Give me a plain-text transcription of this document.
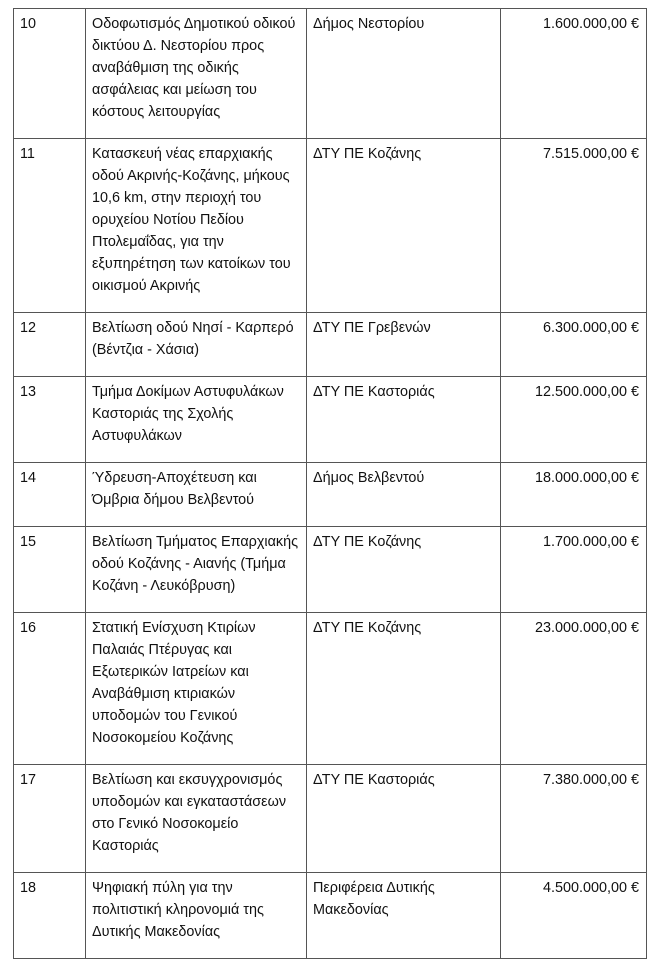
10	Οδοφωτισμός Δημοτικού οδικού δικτύου Δ. Νεστορίου προς αναβάθμιση της οδικής ασφάλειας και μείωση του κόστους λειτουργίας	Δήμος Νεστορίου	1.600.000,00 €
11	Κατασκευή νέας επαρχιακής οδού Ακρινής-Κοζάνης, μήκους 10,6 km, στην περιοχή του ορυχείου Νοτίου Πεδίου Πτολεμαΐδας, για την εξυπηρέτηση των κατοίκων του οικισμού Ακρινής	ΔΤΥ ΠΕ Κοζάνης	7.515.000,00 €
12	Βελτίωση οδού Νησί - Καρπερό (Βέντζια - Χάσια)	ΔΤΥ ΠΕ Γρεβενών	6.300.000,00 €
13	Τμήμα Δοκίμων Αστυφυλάκων Καστοριάς της Σχολής Αστυφυλάκων	ΔΤΥ ΠΕ Καστοριάς	12.500.000,00 €
14	Ύδρευση-Αποχέτευση και Όμβρια δήμου Βελβεντού	Δήμος Βελβεντού	18.000.000,00 €
15	Βελτίωση Τμήματος Επαρχιακής οδού Κοζάνης - Αιανής (Τμήμα Κοζάνη - Λευκόβρυση)	ΔΤΥ ΠΕ Κοζάνης	1.700.000,00 €
16	Στατική Ενίσχυση Κτιρίων Παλαιάς Πτέρυγας και Εξωτερικών Ιατρείων και Αναβάθμιση κτιριακών υποδομών του Γενικού Νοσοκομείου Κοζάνης	ΔΤΥ ΠΕ Κοζάνης	23.000.000,00 €
17	Βελτίωση και εκσυγχρονισμός υποδομών και εγκαταστάσεων στο Γενικό Νοσοκομείο Καστοριάς	ΔΤΥ ΠΕ Καστοριάς	7.380.000,00 €
18	Ψηφιακή πύλη για την πολιτιστική κληρονομιά της Δυτικής Μακεδονίας	Περιφέρεια Δυτικής Μακεδονίας	4.500.000,00 €
